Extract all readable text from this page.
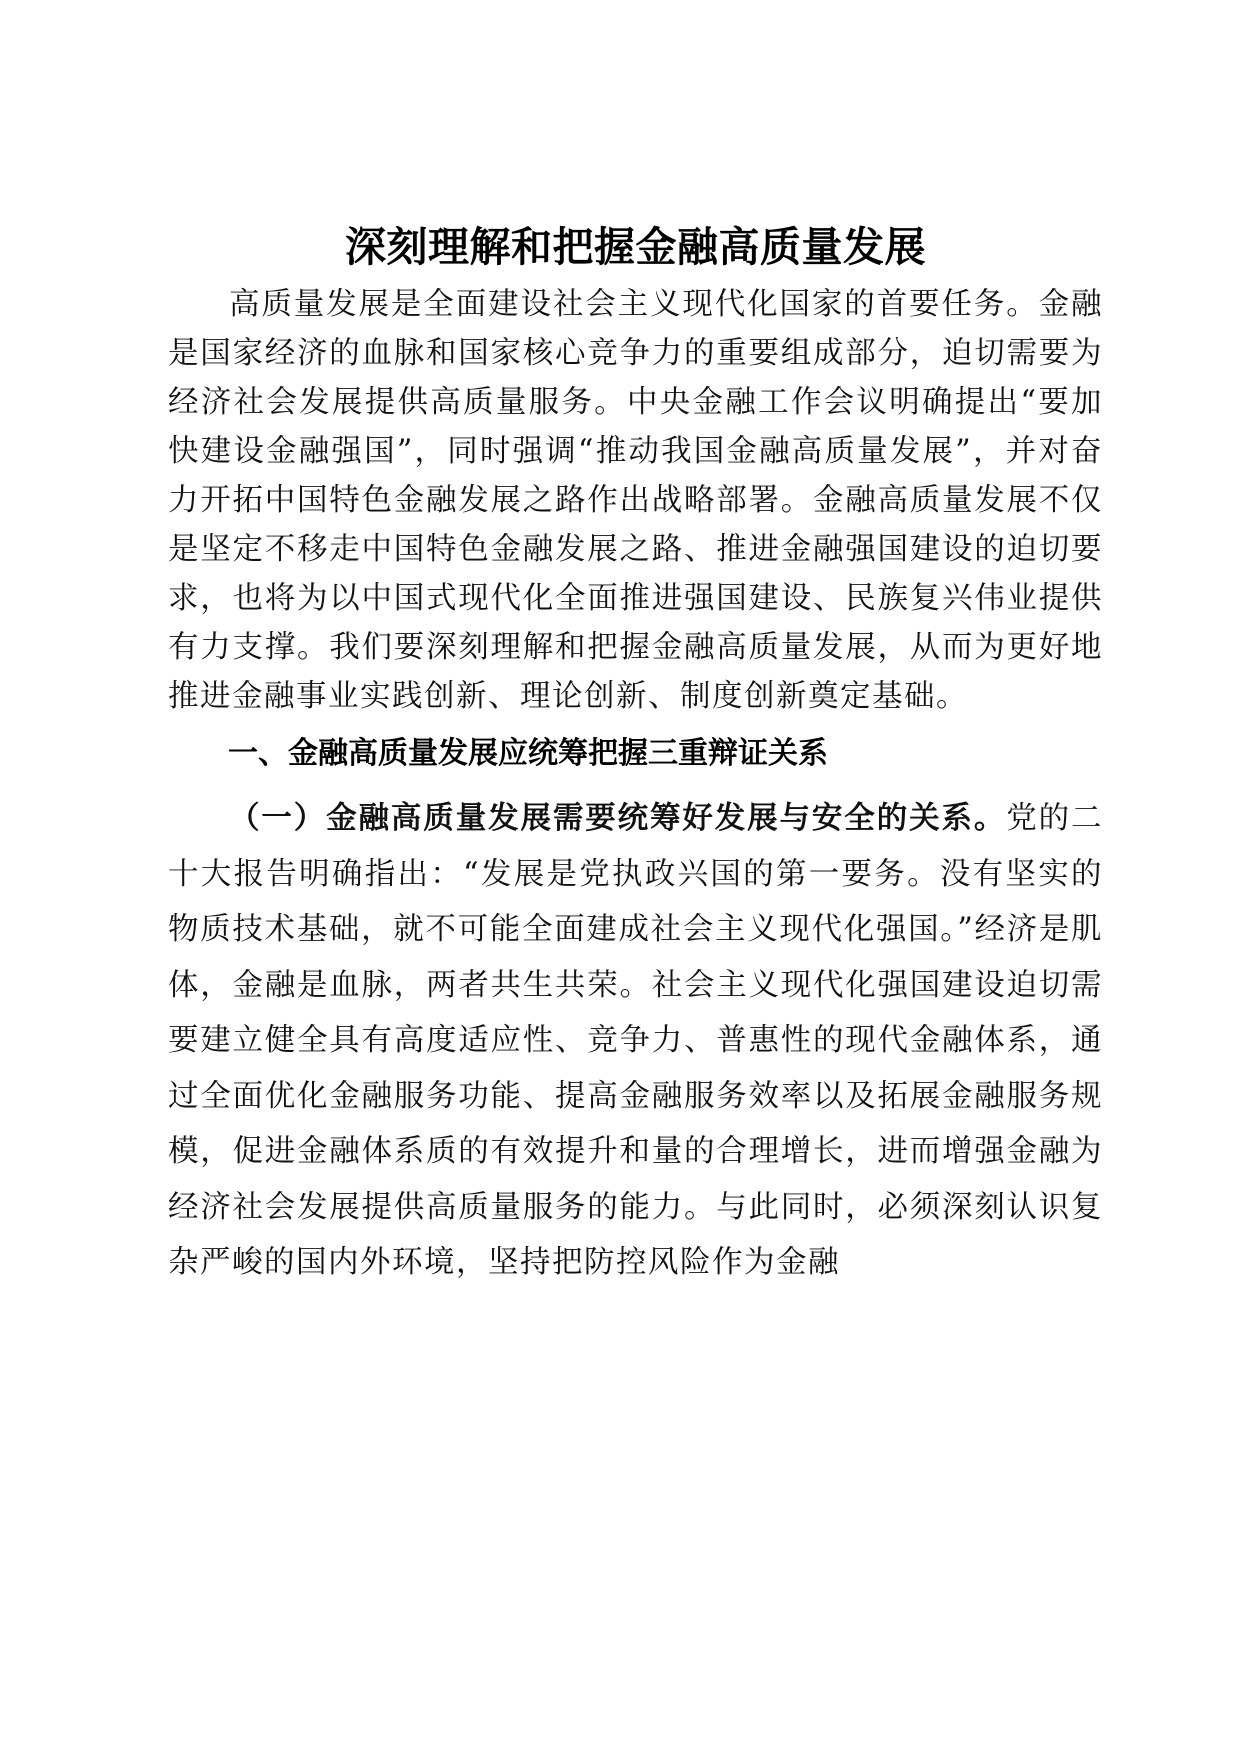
深刻理解和把握金融高质量发展

高质量发展是全面建设社会主义现代化国家的首要任务。金融是国家经济的血脉和国家核心竞争力的重要组成部分，迫切需要为经济社会发展提供高质量服务。中央金融工作会议明确提出“要加快建设金融强国”，同时强调“推动我国金融高质量发展”，并对奋力开拓中国特色金融发展之路作出战略部署。金融高质量发展不仅是坚定不移走中国特色金融发展之路、推进金融强国建设的迫切要求，也将为以中国式现代化全面推进强国建设、民族复兴伟业提供有力支撑。我们要深刻理解和把握金融高质量发展，从而为更好地推进金融事业实践创新、理论创新、制度创新奠定基础。

一、金融高质量发展应统筹把握三重辩证关系

（一）金融高质量发展需要统筹好发展与安全的关系。党的二十大报告明确指出：“发展是党执政兴国的第一要务。没有坚实的物质技术基础，就不可能全面建成社会主义现代化强国。”经济是肌体，金融是血脉，两者共生共荣。社会主义现代化强国建设迫切需要建立健全具有高度适应性、竞争力、普惠性的现代金融体系，通过全面优化金融服务功能、提高金融服务效率以及拓展金融服务规模，促进金融体系质的有效提升和量的合理增长，进而增强金融为经济社会发展提供高质量服务的能力。与此同时，必须深刻认识复杂严峻的国内外环境，坚持把防控风险作为金融
